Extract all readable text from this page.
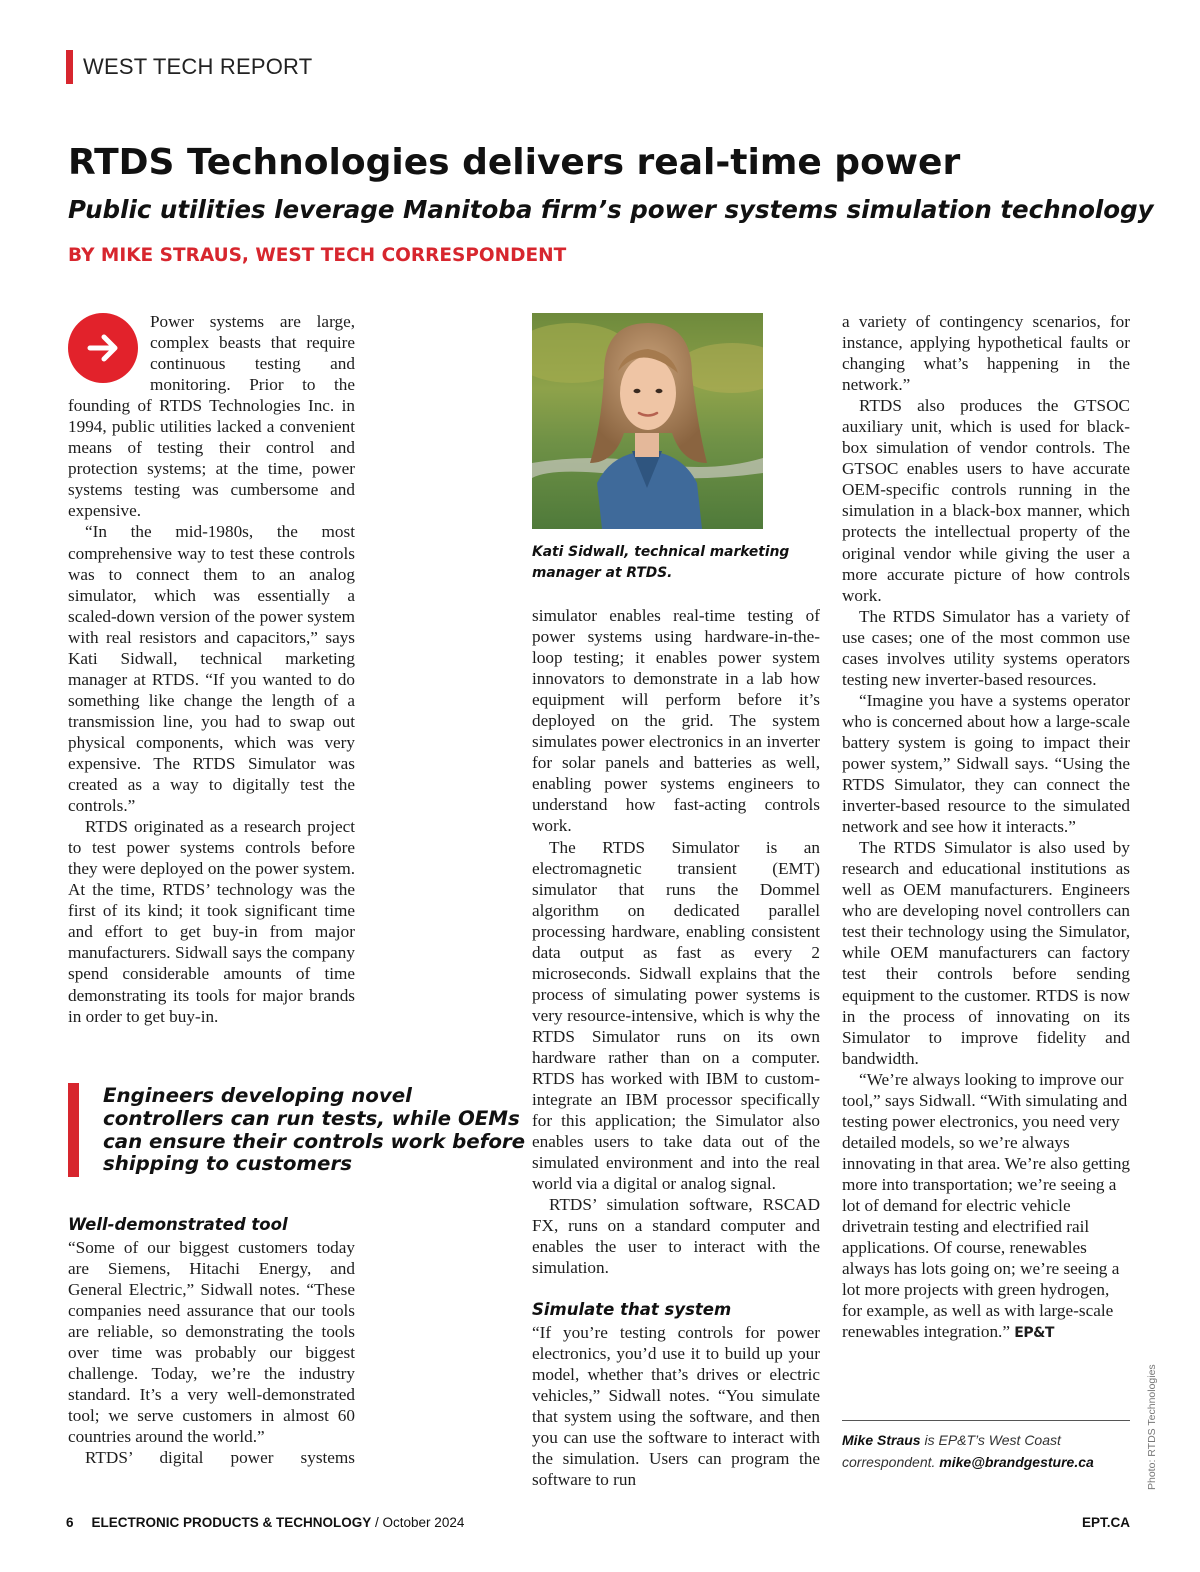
WEST TECH REPORT
RTDS Technologies delivers real-time power
Public utilities leverage Manitoba firm’s power systems simulation technology
BY MIKE STRAUS, WEST TECH CORRESPONDENT

Power systems are large, complex beasts that require continuous testing and monitoring. Prior to the founding of RTDS Technologies Inc. in 1994, public utilities lacked a convenient means of testing their control and protection systems; at the time, power systems testing was cumbersome and expensive.

“In the mid-1980s, the most comprehensive way to test these controls was to connect them to an analog simulator, which was essentially a scaled-down version of the power system with real resistors and capacitors,” says Kati Sidwall, technical marketing manager at RTDS. “If you wanted to do something like change the length of a transmission line, you had to swap out physical components, which was very expensive. The RTDS Simulator was created as a way to digitally test the controls.”

RTDS originated as a research project to test power systems controls before they were deployed on the power system. At the time, RTDS’ technology was the first of its kind; it took significant time and effort to get buy-in from major manufacturers. Sidwall says the company spend considerable amounts of time demonstrating its tools for major brands in order to get buy-in.

Engineers developing novel controllers can run tests, while OEMs can ensure their controls work before shipping to customers
Well-demonstrated tool

“Some of our biggest customers today are Siemens, Hitachi Energy, and General Electric,” Sidwall notes. “These companies need assurance that our tools are reliable, so demonstrating the tools over time was probably our biggest challenge. Today, we’re the industry standard. It’s a very well-demonstrated tool; we serve customers in almost 60 countries around the world.”

RTDS’ digital power systems

Kati Sidwall, technical marketing manager at RTDS.

simulator enables real-time testing of power systems using hardware-in-the-loop testing; it enables power system innovators to demonstrate in a lab how equipment will perform before it’s deployed on the grid. The system simulates power electronics in an inverter for solar panels and batteries as well, enabling power systems engineers to understand how fast-acting controls work.

The RTDS Simulator is an electromagnetic transient (EMT) simulator that runs the Dommel algorithm on dedicated parallel processing hardware, enabling consistent data output as fast as every 2 microseconds. Sidwall explains that the process of simulating power systems is very resource-intensive, which is why the RTDS Simulator runs on its own hardware rather than on a computer. RTDS has worked with IBM to custom-integrate an IBM processor specifically for this application; the Simulator also enables users to take data out of the simulated environment and into the real world via a digital or analog signal.

RTDS’ simulation software, RSCAD FX, runs on a standard computer and enables the user to interact with the simulation.

Simulate that system

“If you’re testing controls for power electronics, you’d use it to build up your model, whether that’s drives or electric vehicles,” Sidwall notes. “You simulate that system using the software, and then you can use the software to interact with the simulation. Users can program the software to run

a variety of contingency scenarios, for instance, applying hypothetical faults or changing what’s happening in the network.”

RTDS also produces the GTSOC auxiliary unit, which is used for black-box simulation of vendor controls. The GTSOC enables users to have accurate OEM-specific controls running in the simulation in a black-box manner, which protects the intellectual property of the original vendor while giving the user a more accurate picture of how controls work.

The RTDS Simulator has a variety of use cases; one of the most common use cases involves utility systems operators testing new inverter-based resources.

“Imagine you have a systems operator who is concerned about how a large-scale battery system is going to impact their power system,” Sidwall says. “Using the RTDS Simulator, they can connect the inverter-based resource to the simulated network and see how it interacts.”

The RTDS Simulator is also used by research and educational institutions as well as OEM manufacturers. Engineers who are developing novel controllers can test their technology using the Simulator, while OEM manufacturers can factory test their controls before sending equipment to the customer. RTDS is now in the process of innovating on its Simulator to improve fidelity and bandwidth.

“We’re always looking to improve our tool,” says Sidwall. “With simulating and testing power electronics, you need very detailed models, so we’re always innovating in that area. We’re also getting more into transportation; we’re seeing a lot of demand for electric vehicle drivetrain testing and electrified rail applications. Of course, renewables always has lots going on; we’re seeing a lot more projects with green hydrogen, for example, as well as with large-scale renewables integration.” EP&T

Mike Straus is EP&T’s West Coast correspondent. mike@brandgesture.ca	Photo: RTDS Technologies
6 ELECTRONIC PRODUCTS & TECHNOLOGY / October 2024	EPT.CA
